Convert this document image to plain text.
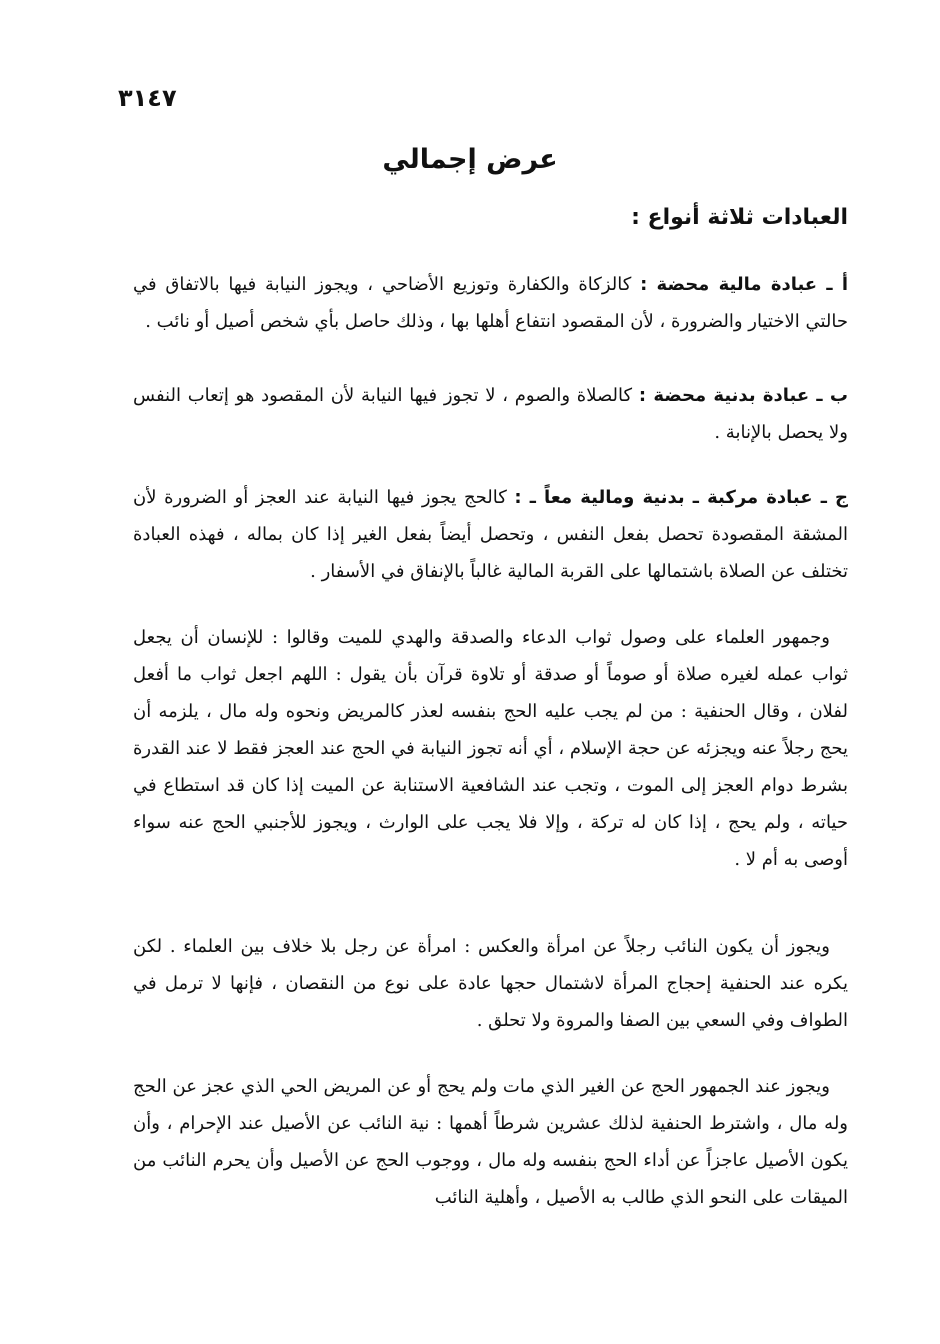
٣١٤٧
عرض إجمالي
العبادات ثلاثة أنواع :

أ ـ عبادة مالية محضة : كالزكاة والكفارة وتوزيع الأضاحي ، ويجوز النيابة فيها بالاتفاق في حالتي الاختيار والضرورة ، لأن المقصود انتفاع أهلها بها ، وذلك حاصل بأي شخص أصيل أو نائب .

ب ـ عبادة بدنية محضة : كالصلاة والصوم ، لا تجوز فيها النيابة لأن المقصود هو إتعاب النفس ولا يحصل بالإنابة .

ج ـ عبادة مركبة ـ بدنية ومالية معاً ـ : كالحج يجوز فيها النيابة عند العجز أو الضرورة لأن المشقة المقصودة تحصل بفعل النفس ، وتحصل أيضاً بفعل الغير إذا كان بماله ، فهذه العبادة تختلف عن الصلاة باشتمالها على القربة المالية غالباً بالإنفاق في الأسفار .

وجمهور العلماء على وصول ثواب الدعاء والصدقة والهدي للميت وقالوا : للإنسان أن يجعل ثواب عمله لغيره صلاة أو صوماً أو صدقة أو تلاوة قرآن بأن يقول : اللهم اجعل ثواب ما أفعل لفلان ، وقال الحنفية : من لم يجب عليه الحج بنفسه لعذر كالمريض ونحوه وله مال ، يلزمه أن يحج رجلاً عنه ويجزئه عن حجة الإسلام ، أي أنه تجوز النيابة في الحج عند العجز فقط لا عند القدرة بشرط دوام العجز إلى الموت ، وتجب عند الشافعية الاستنابة عن الميت إذا كان قد استطاع في حياته ، ولم يحج ، إذا كان له تركة ، وإلا فلا يجب على الوارث ، ويجوز للأجنبي الحج عنه سواء أوصى به أم لا .

ويجوز أن يكون النائب رجلاً عن امرأة والعكس : امرأة عن رجل بلا خلاف بين العلماء . لكن يكره عند الحنفية إحجاج المرأة لاشتمال حجها عادة على نوع من النقصان ، فإنها لا ترمل في الطواف وفي السعي بين الصفا والمروة ولا تحلق .

ويجوز عند الجمهور الحج عن الغير الذي مات ولم يحج أو عن المريض الحي الذي عجز عن الحج وله مال ، واشترط الحنفية لذلك عشرين شرطاً أهمها : نية النائب عن الأصيل عند الإحرام ، وأن يكون الأصيل عاجزاً عن أداء الحج بنفسه وله مال ، ووجوب الحج عن الأصيل وأن يحرم النائب من الميقات على النحو الذي طالب به الأصيل ، وأهلية النائب
